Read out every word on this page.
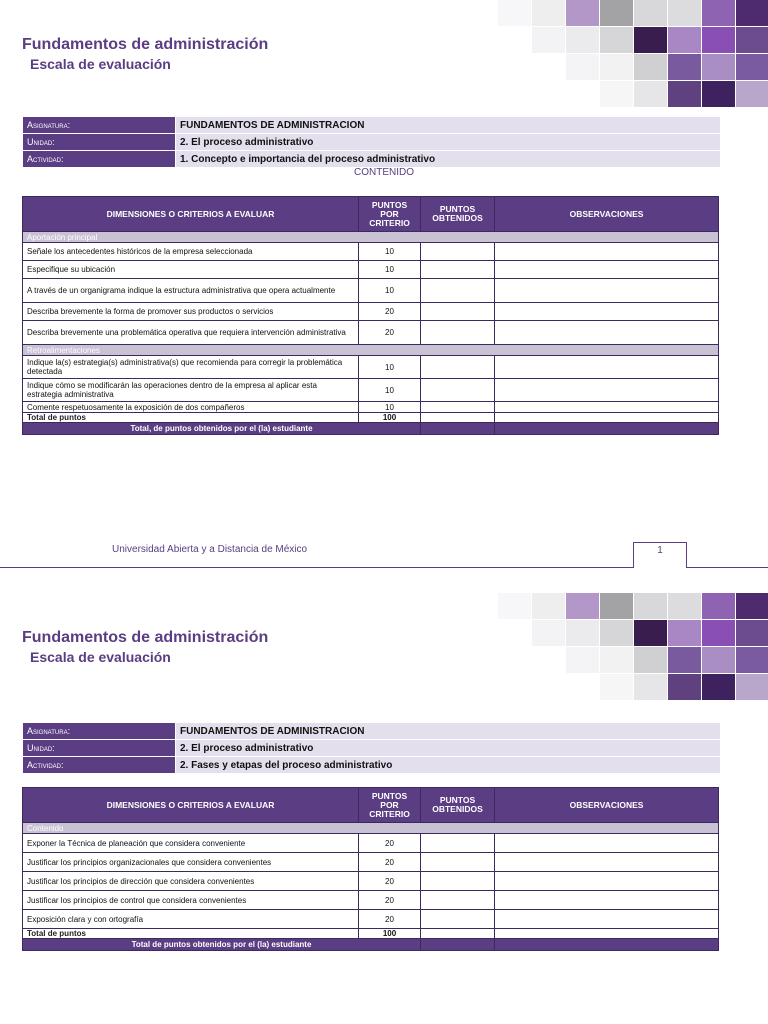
Fundamentos de administración
Escala de evaluación
Asignatura:	FUNDAMENTOS DE ADMINISTRACION
Unidad:	2. El proceso administrativo
Actividad:	1. Concepto e importancia del proceso administrativo
CONTENIDO
DIMENSIONES O CRITERIOS A EVALUAR	PUNTOS POR CRITERIO	PUNTOS OBTENIDOS	OBSERVACIONES
Aportación principal			
Señale los antecedentes históricos de la empresa seleccionada	10		
Especifique su ubicación	10		
A través de un organigrama indique la estructura administrativa que opera actualmente	10		
Describa brevemente la forma de promover sus productos o servicios	20		
Describa brevemente una problemática operativa que requiera intervención administrativa	20		
Retroalimentaciones			
Indique la(s) estrategia(s) administrativa(s) que recomienda para corregir la problemática detectada	10		
Indique cómo se modificarán las operaciones dentro de la empresa al aplicar esta estrategia administrativa	10		
Comente respetuosamente la exposición de dos compañeros	10		
Total de puntos	100		
Total, de puntos obtenidos por el (la) estudiante			
Universidad Abierta y a Distancia de México	1
Fundamentos de administración
Escala de evaluación
Asignatura:	FUNDAMENTOS DE ADMINISTRACION
Unidad:	2. El proceso administrativo
Actividad:	2. Fases y etapas del proceso administrativo
DIMENSIONES O CRITERIOS A EVALUAR	PUNTOS POR CRITERIO	PUNTOS OBTENIDOS	OBSERVACIONES
Contenido			
Exponer la Técnica de planeación que considera conveniente	20		
Justificar los principios organizacionales que considera convenientes	20		
Justificar los principios de dirección que considera convenientes	20		
Justificar los principios de control que considera convenientes	20		
Exposición clara y con ortografía	20		
Total de puntos	100		
Total de puntos obtenidos por el (la) estudiante			
